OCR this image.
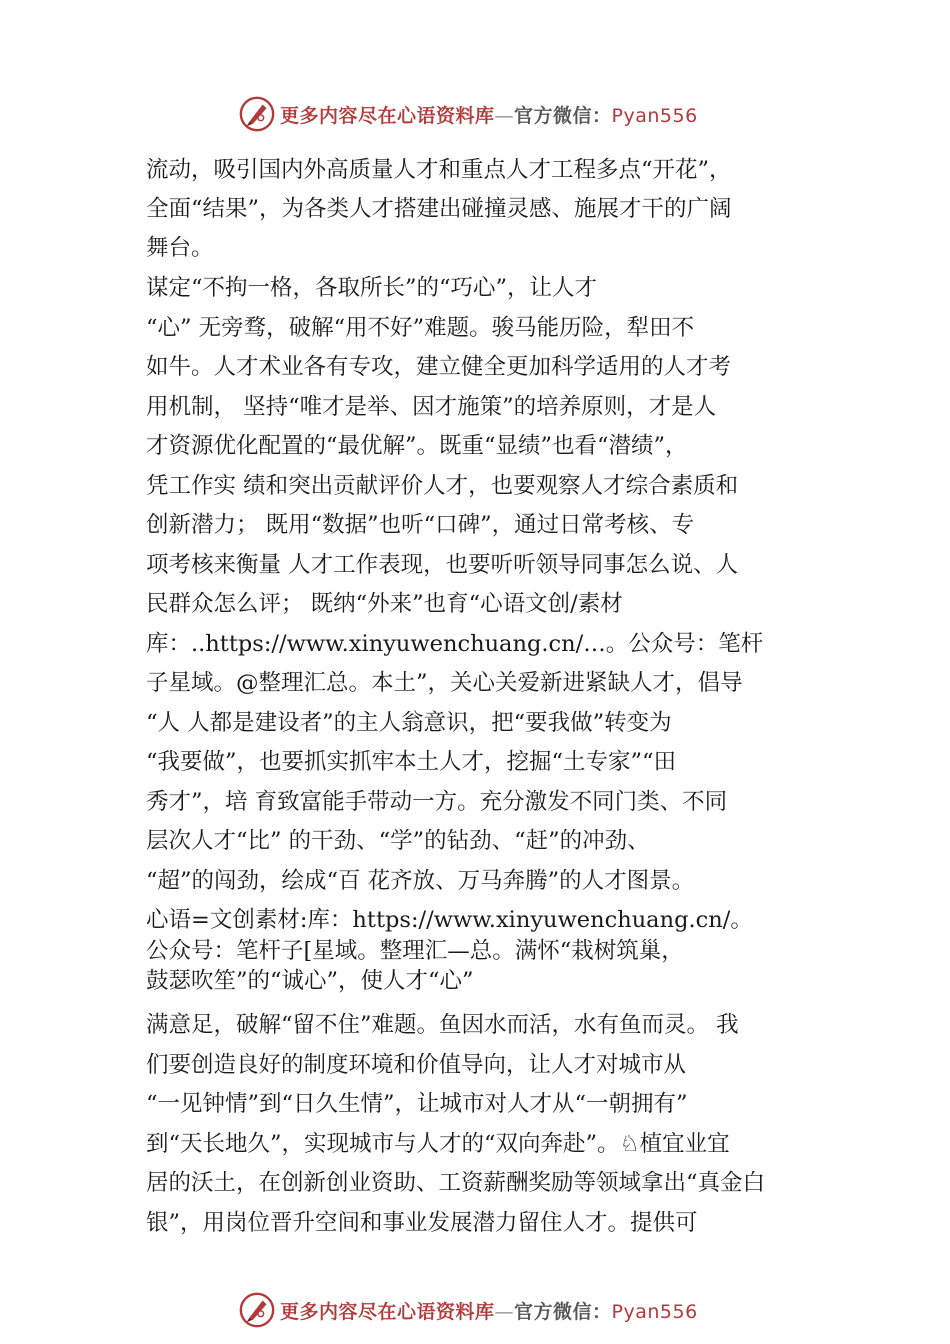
更多内容尽在心语资料库—官方微信：Pyan556
流动，吸引国内外高质量人才和重点人才工程多点“开花”，
全面“结果”，为各类人才搭建出碰撞灵感、施展才干的广阔
舞台。
谋定“不拘一格，各取所长”的“巧心”，让人才
“心” 无旁骛，破解“用不好”难题。骏马能历险，犁田不
如牛。人才术业各有专攻，建立健全更加科学适用的人才考
用机制， 坚持“唯才是举、因才施策”的培养原则，才是人
才资源优化配置的“最优解”。既重“显绩”也看“潜绩”，
凭工作实 绩和突出贡献评价人才，也要观察人才综合素质和
创新潜力； 既用“数据”也听“口碑”，通过日常考核、专
项考核来衡量 人才工作表现，也要听听领导同事怎么说、人
民群众怎么评； 既纳“外来”也育“心语文创/素材
库：..https://www.xinyuwenchuang.cn/…。公众号：笔杆
子星域。@整理汇总。本土”，关心关爱新进紧缺人才，倡导
“人 人都是建设者”的主人翁意识，把“要我做”转变为
“我要做”，也要抓实抓牢本土人才，挖掘“土专家”“田
秀才”，培 育致富能手带动一方。充分激发不同门类、不同
层次人才“比” 的干劲、“学”的钻劲、“赶”的冲劲、
“超”的闯劲，绘成“百 花齐放、万马奔腾”的人才图景。
心语=文创素材:库：https://www.xinyuwenchuang.cn/。
公众号：笔杆子[星域。整理汇—总。满怀“栽树筑巢，
鼓瑟吹笙”的“诚心”，使人才“心”
满意足，破解“留不住”难题。鱼因水而活，水有鱼而灵。 我
们要创造良好的制度环境和价值导向，让人才对城市从
“一见钟情”到“日久生情”，让城市对人才从“一朝拥有”
到“天长地久”，实现城市与人才的“双向奔赴”。♘植宜业宜
居的沃土，在创新创业资助、工资薪酬奖励等领域拿出“真金白
银”，用岗位晋升空间和事业发展潜力留住人才。提供可
更多内容尽在心语资料库—官方微信：Pyan556
